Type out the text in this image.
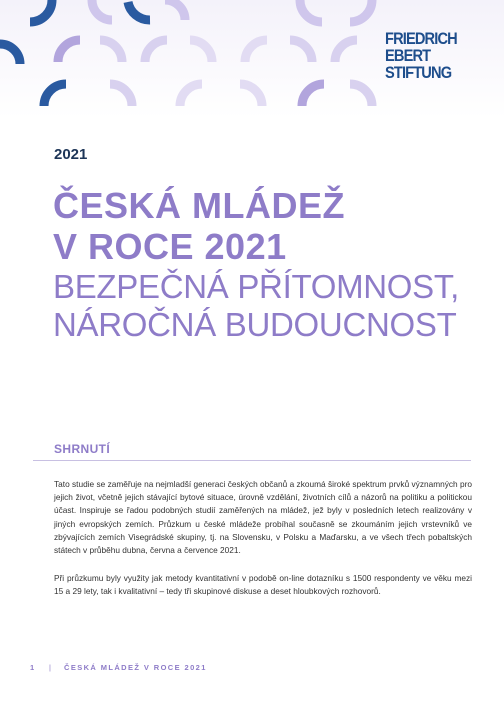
FRIEDRICH
EBERT
STIFTUNG
2021
ČESKÁ MLÁDEŽ
V ROCE 2021
BEZPEČNÁ PŘÍTOMNOST,
NÁROČNÁ BUDOUCNOST
SHRNUTÍ

Tato studie se zaměřuje na nejmladší generaci českých občanů a zkoumá široké spektrum prvků významných pro jejich život, včetně jejich stávající bytové situace, úrovně vzdělání, životních cílů a názorů na politiku a politickou účast. Inspiruje se řadou podobných studií zaměřených na mládež, jež byly v posledních letech realizovány v jiných evropských zemích. Průzkum u české mládeže probíhal současně se zkoumáním jejich vrstevníků ve zbývajících zemích Visegrádské skupiny, tj. na Slovensku, v Polsku a Maďarsku, a ve všech třech pobaltských státech v průběhu dubna, června a července 2021.

Při průzkumu byly využity jak metody kvantitativní v podobě on-line dotazníku s 1500 respondenty ve věku mezi 15 a 29 lety, tak i kvalitativní – tedy tři skupinové diskuse a deset hloubkových rozhovorů.

1 | ČESKÁ MLÁDEŽ V ROCE 2021
